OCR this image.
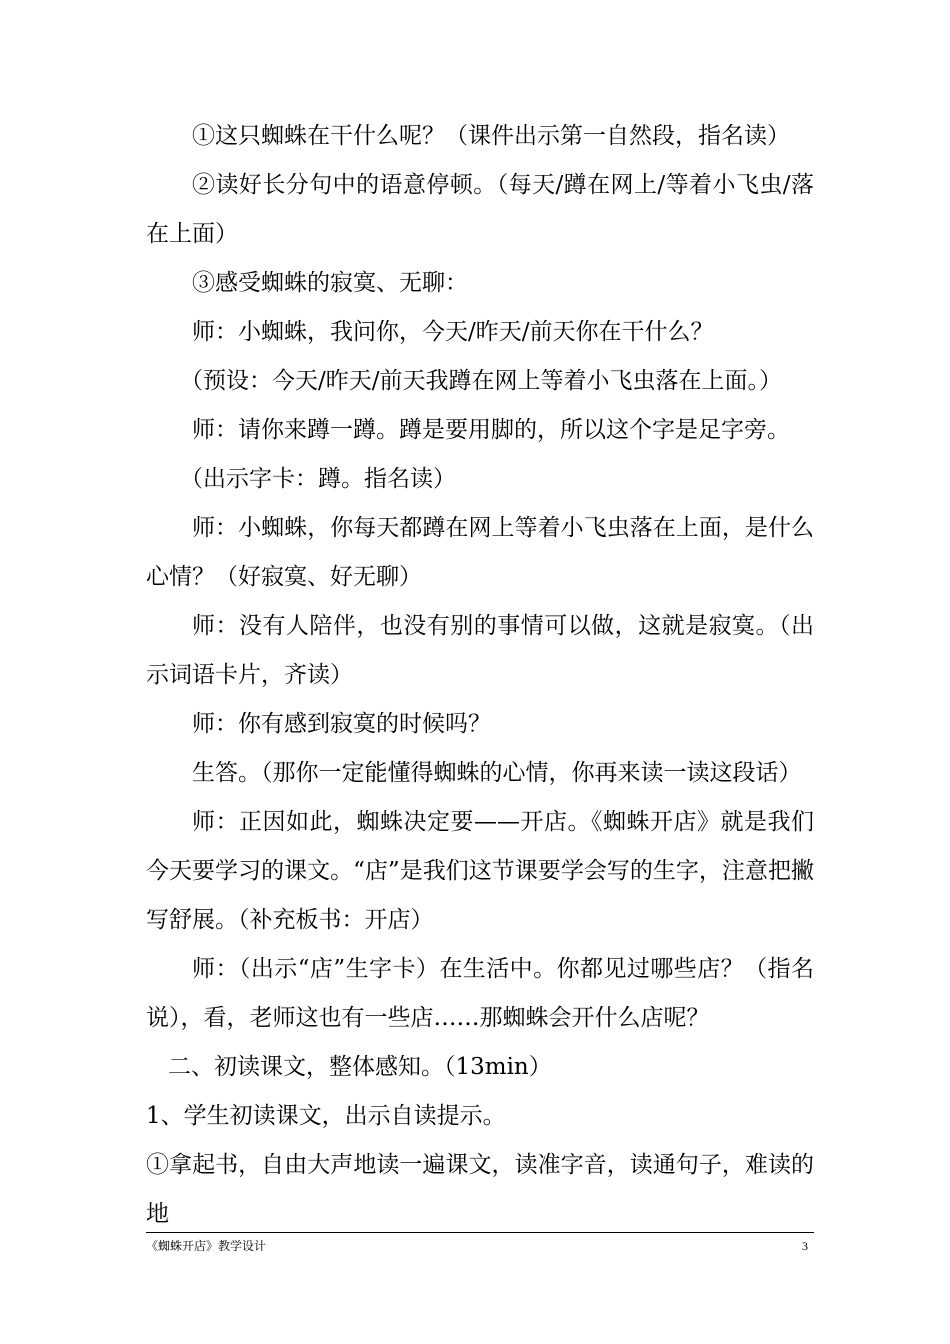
①这只蜘蛛在干什么呢？（课件出示第一自然段，指名读）

②读好长分句中的语意停顿。（每天/蹲在网上/等着小飞虫/落在上面）

③感受蜘蛛的寂寞、无聊：

师：小蜘蛛，我问你，今天/昨天/前天你在干什么？

（预设：今天/昨天/前天我蹲在网上等着小飞虫落在上面。）

师：请你来蹲一蹲。蹲是要用脚的，所以这个字是足字旁。

（出示字卡：蹲。指名读）

师：小蜘蛛，你每天都蹲在网上等着小飞虫落在上面，是什么心情？（好寂寞、好无聊）

师：没有人陪伴，也没有别的事情可以做，这就是寂寞。（出示词语卡片，齐读）

师：你有感到寂寞的时候吗？

生答。（那你一定能懂得蜘蛛的心情，你再来读一读这段话）

师：正因如此，蜘蛛决定要——开店。《蜘蛛开店》就是我们今天要学习的课文。“店”是我们这节课要学会写的生字，注意把撇写舒展。（补充板书：开店）

师：（出示“店”生字卡）在生活中。你都见过哪些店？（指名说），看，老师这也有一些店……那蜘蛛会开什么店呢？

二、初读课文，整体感知。（13min）

1、学生初读课文，出示自读提示。

①拿起书，自由大声地读一遍课文，读准字音，读通句子，难读的地

《蜘蛛开店》教学设计	3
